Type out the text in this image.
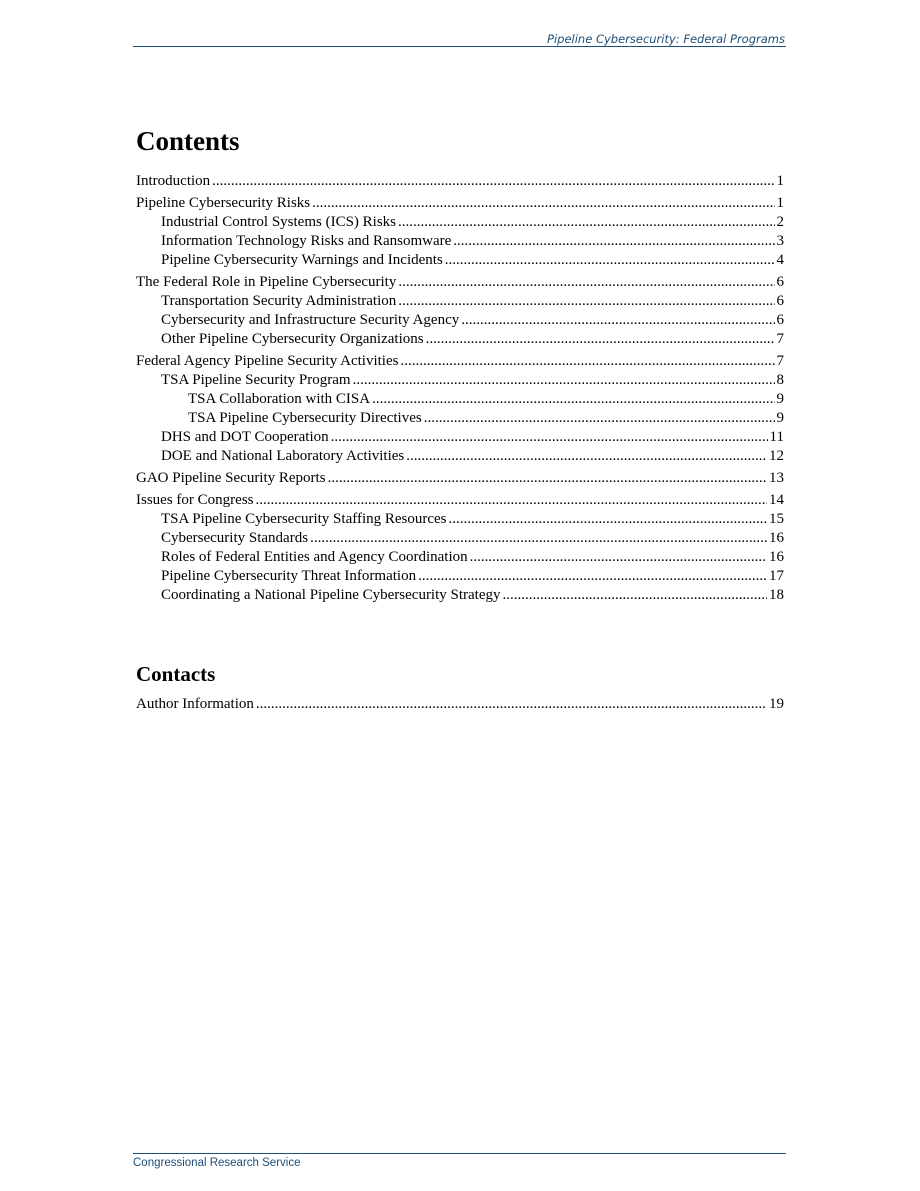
Pipeline Cybersecurity: Federal Programs
Contents
Introduction .....	1
Pipeline Cybersecurity Risks .....	1
Industrial Control Systems (ICS) Risks .....	2
Information Technology Risks and Ransomware .....	3
Pipeline Cybersecurity Warnings and Incidents .....	4
The Federal Role in Pipeline Cybersecurity .....	6
Transportation Security Administration .....	6
Cybersecurity and Infrastructure Security Agency .....	6
Other Pipeline Cybersecurity Organizations .....	7
Federal Agency Pipeline Security Activities .....	7
TSA Pipeline Security Program .....	8
TSA Collaboration with CISA .....	9
TSA Pipeline Cybersecurity Directives .....	9
DHS and DOT Cooperation .....	11
DOE and National Laboratory Activities .....	12
GAO Pipeline Security Reports .....	13
Issues for Congress .....	14
TSA Pipeline Cybersecurity Staffing Resources .....	15
Cybersecurity Standards .....	16
Roles of Federal Entities and Agency Coordination .....	16
Pipeline Cybersecurity Threat Information .....	17
Coordinating a National Pipeline Cybersecurity Strategy .....	18
Contacts
Author Information .....	19
Congressional Research Service
